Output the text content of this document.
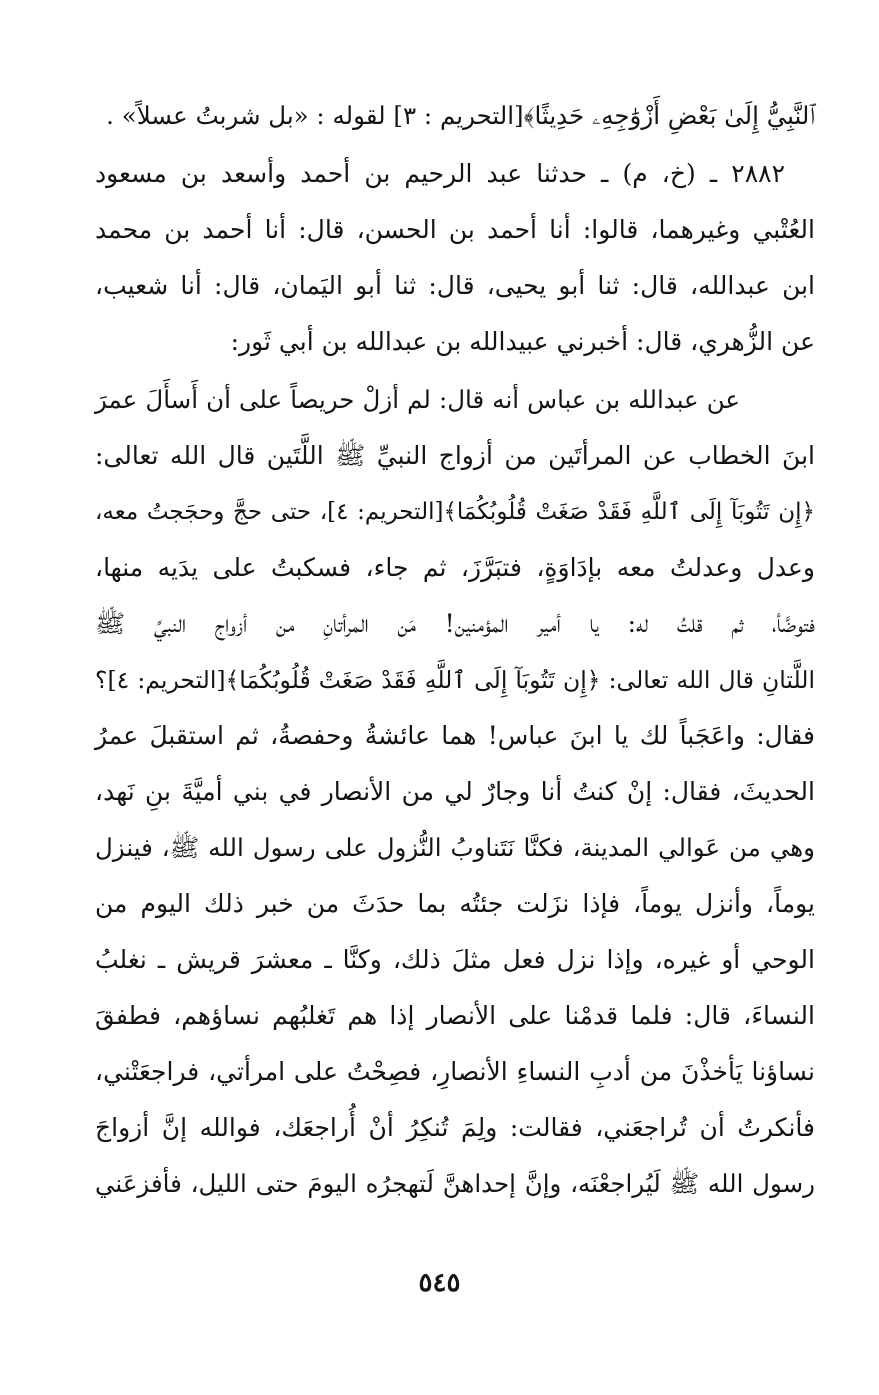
ٱلنَّبِيُّ إِلَىٰ بَعْضِ أَزْوَٰجِهِۦ حَدِيثًا﴾[التحريم : ٣] لقوله : «بل شربتُ عسلاً» .
٢٨٨٢ ـ (خ، م) ـ حدثنا عبد الرحيم بن أحمد وأسعد بن مسعود
العُتْبي وغيرهما، قالوا: أنا أحمد بن الحسن، قال: أنا أحمد بن محمد
ابن عبدالله، قال: ثنا أبو يحيى، قال: ثنا أبو اليَمان، قال: أنا شعيب،
عن الزُّهري، قال: أخبرني عبيدالله بن عبدالله بن أبي ثَور:
عن عبدالله بن عباس أنه قال: لم أزلْ حريصاً على أن أَسأَلَ عمرَ
ابنَ الخطاب عن المرأتَين من أزواج النبيِّ ﷺ اللَّتَين قال الله تعالى:
﴿إِن تَتُوبَآ إِلَى ٱللَّهِ فَقَدْ صَغَتْ قُلُوبُكُمَا﴾[التحريم: ٤]، حتى حجَّ وحجَجتُ معه،
وعدل وعدلتُ معه بإدَاوَةٍ، فتبَرَّزَ، ثم جاء، فسكبتُ على يدَيه منها،
فتوضَّأ، ثم قلتُ له: يا أمير المؤمنين! مَن المرأتانِ من أزواج النبيِّ ﷺ
اللَّتانِ قال الله تعالى: ﴿إِن تَتُوبَآ إِلَى ٱللَّهِ فَقَدْ صَغَتْ قُلُوبُكُمَا﴾[التحريم: ٤]؟
فقال: واعَجَباً لك يا ابنَ عباس! هما عائشةُ وحفصةُ، ثم استقبلَ عمرُ
الحديثَ، فقال: إنْ كنتُ أنا وجارٌ لي من الأنصار في بني أميَّةَ بنِ نَهد،
وهي من عَوالي المدينة، فكنَّا نَتَناوبُ النُّزول على رسول الله ﷺ، فينزل
يوماً، وأنزل يوماً، فإذا نزَلت جئتُه بما حدَثَ من خبر ذلك اليوم من
الوحي أو غيره، وإذا نزل فعل مثلَ ذلك، وكنَّا ـ معشرَ قريش ـ نغلبُ
النساءَ، قال: فلما قدمْنا على الأنصار إذا هم تَغلبُهم نساؤهم، فطفقَ
نساؤنا يَأخذْنَ من أدبِ النساءِ الأنصارِ، فصِحْتُ على امرأتي، فراجعَتْني،
فأنكرتُ أن تُراجعَني، فقالت: ولِمَ تُنكِرُ أنْ أُراجعَك، فوالله إنَّ أزواجَ
رسول الله ﷺ لَيُراجعْنَه، وإنَّ إحداهنَّ لَتهجرُه اليومَ حتى الليل، فأفزعَني
٥٤٥
